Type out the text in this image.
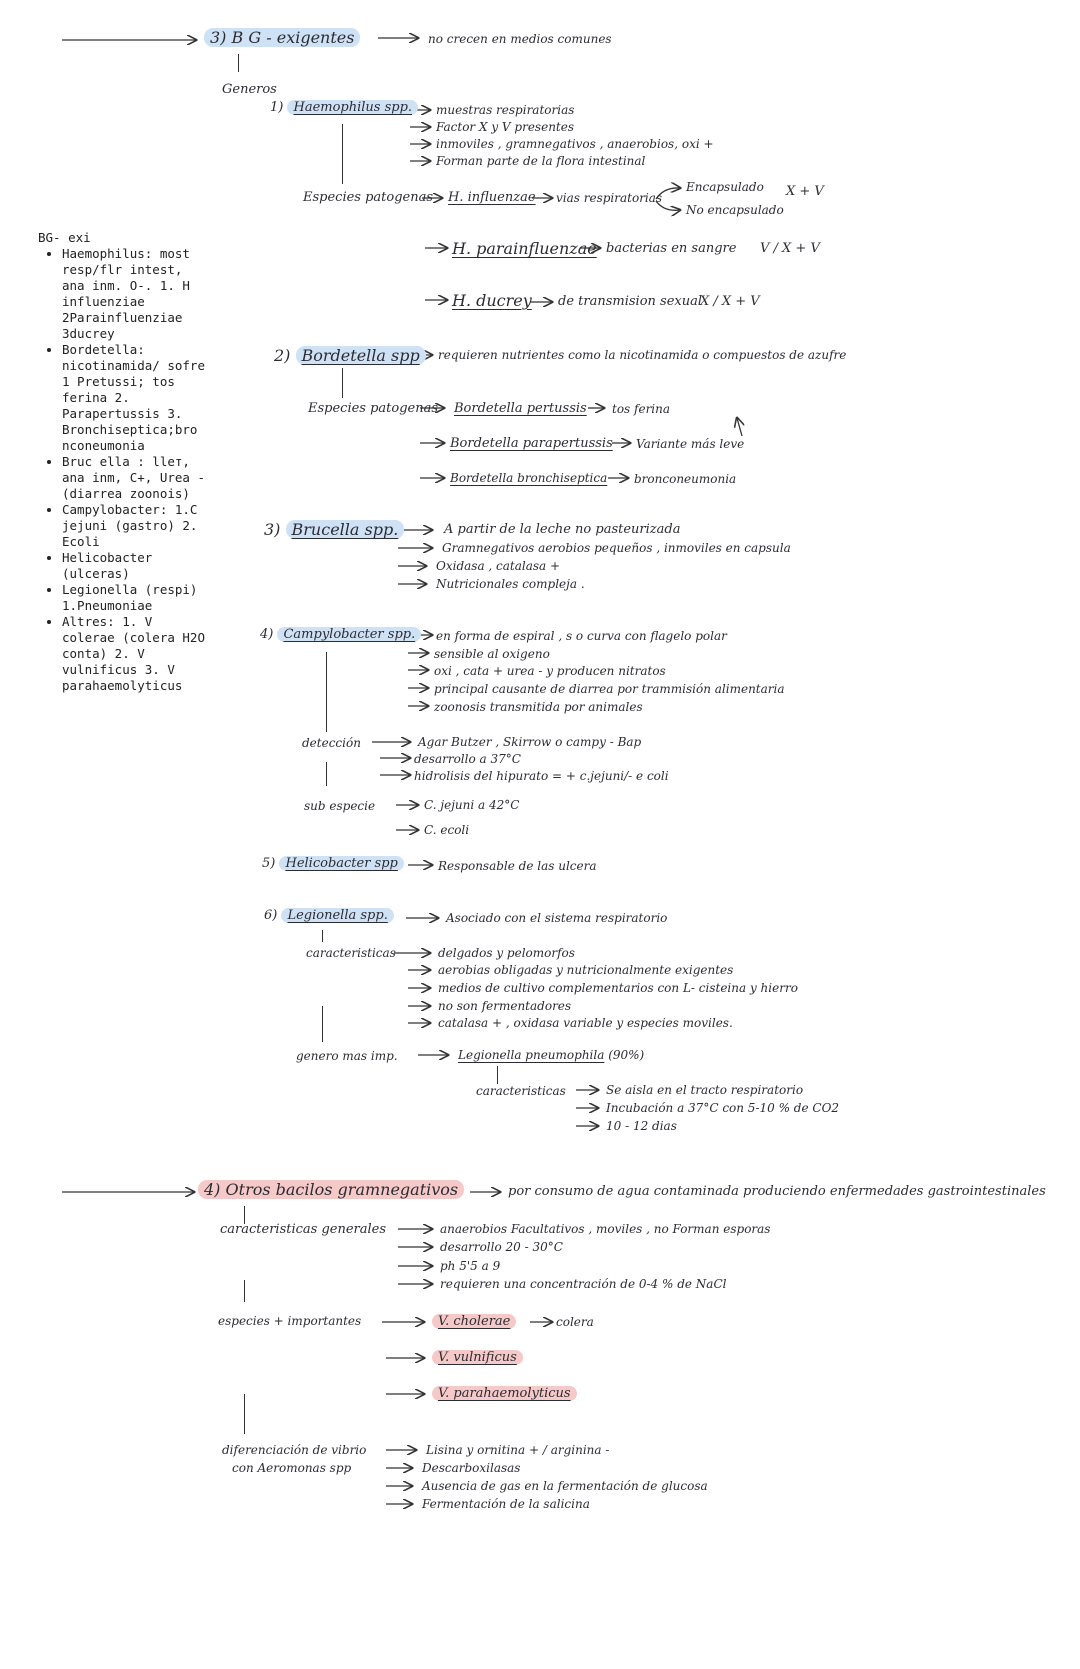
3) B G - exigentes	no crecen en medios comunes
Generos
BG- exi
• Haemophilus: most resp/flr intest, ana inm. O-. 1. H influenziae 2Parainfluenziae 3ducrey
• Bordetella: nicotinamida/ sofre 1 Pretussi; tos ferina 2. Parapertussis 3. Bronchiseptica;bro nconeumonia
• Bruc ella : lleт, ana inm, C+, Urea - (diarrea zoonois)
• Campylobacter: 1.C jejuni (gastro) 2. Ecoli
• Helicobacter (ulceras)
• Legionella (respi) 1.Pneumoniae
• Altres: 1. V colerae (colera H2O conta) 2. V vulnificus 3. V parahaemolyticus
1) Haemophilus spp.	muestras respiratorias
Factor X y V presentes
inmoviles , gramnegativos , anaerobios, oxi +
Forman parte de la flora intestinal
Especies patogenas H. influenzae vias respiratorias
Encapsulado
No encapsulado
X + V
H. parainfluenzae bacterias en sangre V / X + V
H. ducrey de transmision sexual
X / X + V
2) Bordetella spp	requieren nutrientes como la nicotinamida o compuestos de azufre
Especies patogenas Bordetella pertussis tos ferina
Bordetella parapertussis Variante más leve
Bordetella bronchiseptica bronconeumonia
3) Brucella spp.	A partir de la leche no pasteurizada
Gramnegativos aerobios pequeños , inmoviles en capsula
Oxidasa , catalasa +
Nutricionales compleja .
4) Campylobacter spp.	en forma de espiral , s o curva con flagelo polar
sensible al oxigeno
oxi , cata + urea - y producen nitratos
principal causante de diarrea por trammisión alimentaria
zoonosis transmitida por animales
detección	Agar Butzer , Skirrow o campy - Bap
desarrollo a 37°C
hidrolisis del hipurato = + c.jejuni/- e coli
sub especie	C. jejuni a 42°C
C. ecoli
5) Helicobacter spp	Responsable de las ulcera
6) Legionella spp.	Asociado con el sistema respiratorio
caracteristicas	delgados y pelomorfos
aerobias obligadas y nutricionalmente exigentes
medios de cultivo complementarios con L- cisteina y hierro
no son fermentadores
catalasa + , oxidasa variable y especies moviles.
genero mas imp.	Legionella pneumophila (90%)
caracteristicas	Se aisla en el tracto respiratorio
Incubación a 37°C con 5-10 % de CO2
10 - 12 dias
4) Otros bacilos gramnegativos	por consumo de agua contaminada produciendo enfermedades gastrointestinales
caracteristicas generales	anaerobios Facultativos , moviles , no Forman esporas
desarrollo 20 - 30°C
ph 5'5 a 9
requieren una concentración de 0-4 % de NaCl
especies + importantes	V. cholerae	colera
V. vulnificus
V. parahaemolyticus
diferenciación de vibrio
con Aeromonas spp
Lisina y ornitina + / arginina -
Descarboxilasas
Ausencia de gas en la fermentación de glucosa
Fermentación de la salicina
